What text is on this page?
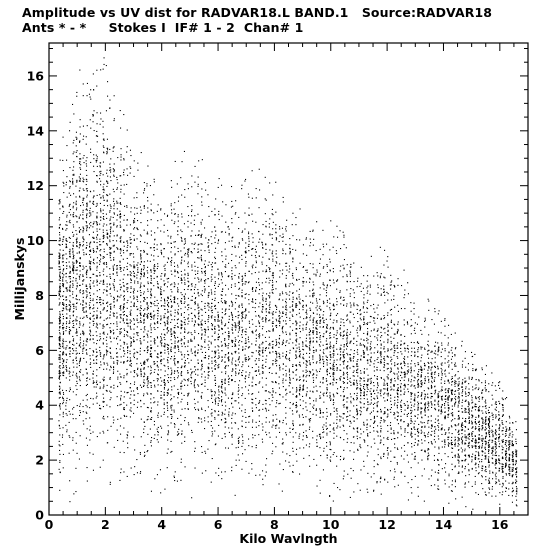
Amplitude vs UV dist for RADVAR18.L BAND.1   Source:RADVAR18
Ants * - *     Stokes I  IF# 1 - 2  Chan# 1
0	2	4	6	8	10	12	14	16
0
2
4
6
8
10
12
14
16
Kilo Wavlngth
MilliJanskys
